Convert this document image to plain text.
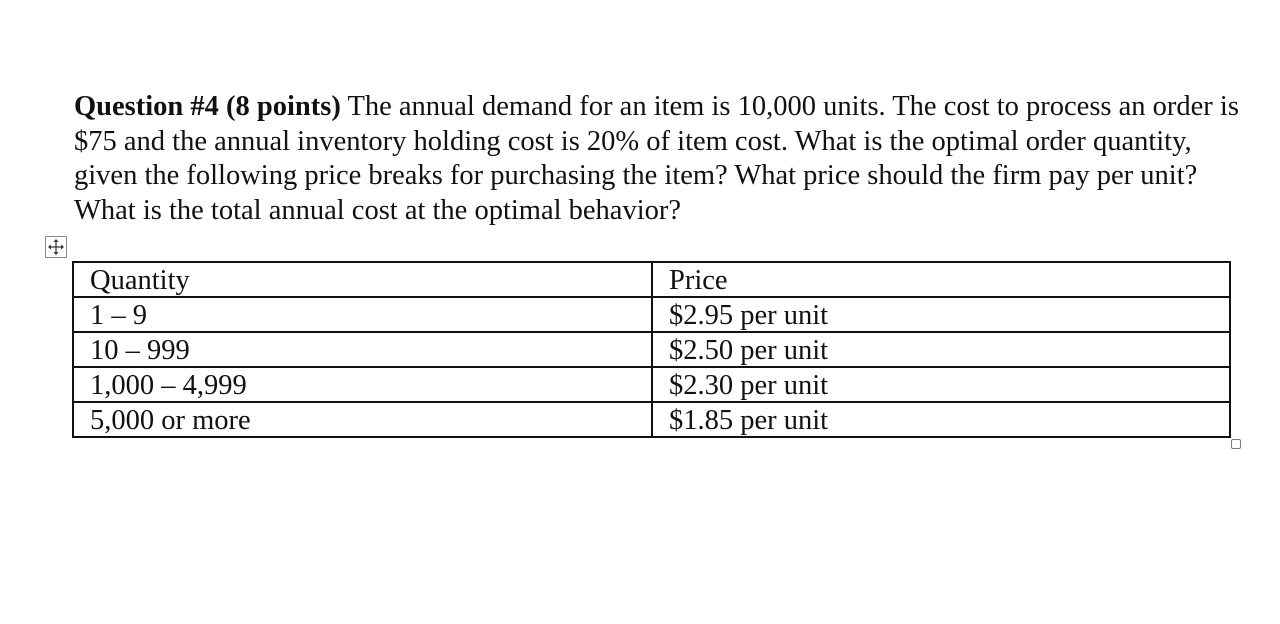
Question #4 (8 points) The annual demand for an item is 10,000 units. The cost to process an order is $75 and the annual inventory holding cost is 20% of item cost. What is the optimal order quantity, given the following price breaks for purchasing the item? What price should the firm pay per unit? What is the total annual cost at the optimal behavior?

Quantity	Price
1 – 9	$2.95 per unit
10 – 999	$2.50 per unit
1,000 – 4,999	$2.30 per unit
5,000 or more	$1.85 per unit
